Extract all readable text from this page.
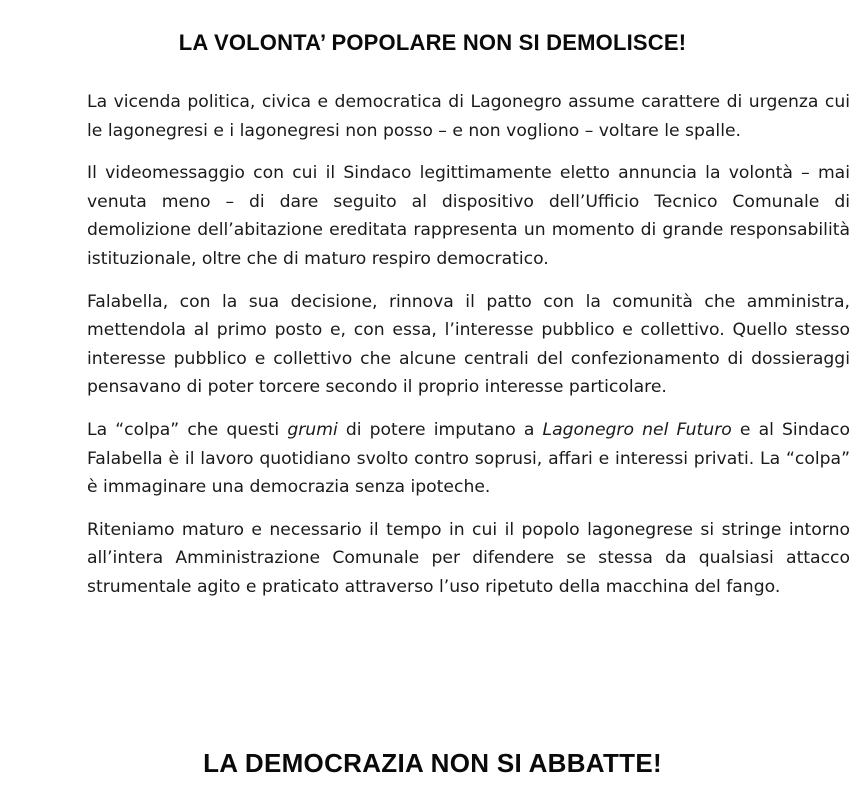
LA VOLONTA’ POPOLARE NON SI DEMOLISCE!

La vicenda politica, civica e democratica di Lagonegro assume carattere di urgenza cui le lagonegresi e i lagonegresi non posso – e non vogliono – voltare le spalle.

Il videomessaggio con cui il Sindaco legittimamente eletto annuncia la volontà – mai venuta meno – di dare seguito al dispositivo dell’Ufficio Tecnico Comunale di demolizione dell’abitazione ereditata rappresenta un momento di grande responsabilità istituzionale, oltre che di maturo respiro democratico.

Falabella, con la sua decisione, rinnova il patto con la comunità che amministra, mettendola al primo posto e, con essa, l’interesse pubblico e collettivo. Quello stesso interesse pubblico e collettivo che alcune centrali del confezionamento di dossieraggi pensavano di poter torcere secondo il proprio interesse particolare.

La “colpa” che questi grumi di potere imputano a Lagonegro nel Futuro e al Sindaco Falabella è il lavoro quotidiano svolto contro soprusi, affari e interessi privati. La “colpa” è immaginare una democrazia senza ipoteche.

Riteniamo maturo e necessario il tempo in cui il popolo lagonegrese si stringe intorno all’intera Amministrazione Comunale per difendere se stessa da qualsiasi attacco strumentale agito e praticato attraverso l’uso ripetuto della macchina del fango.

LA DEMOCRAZIA NON SI ABBATTE!
